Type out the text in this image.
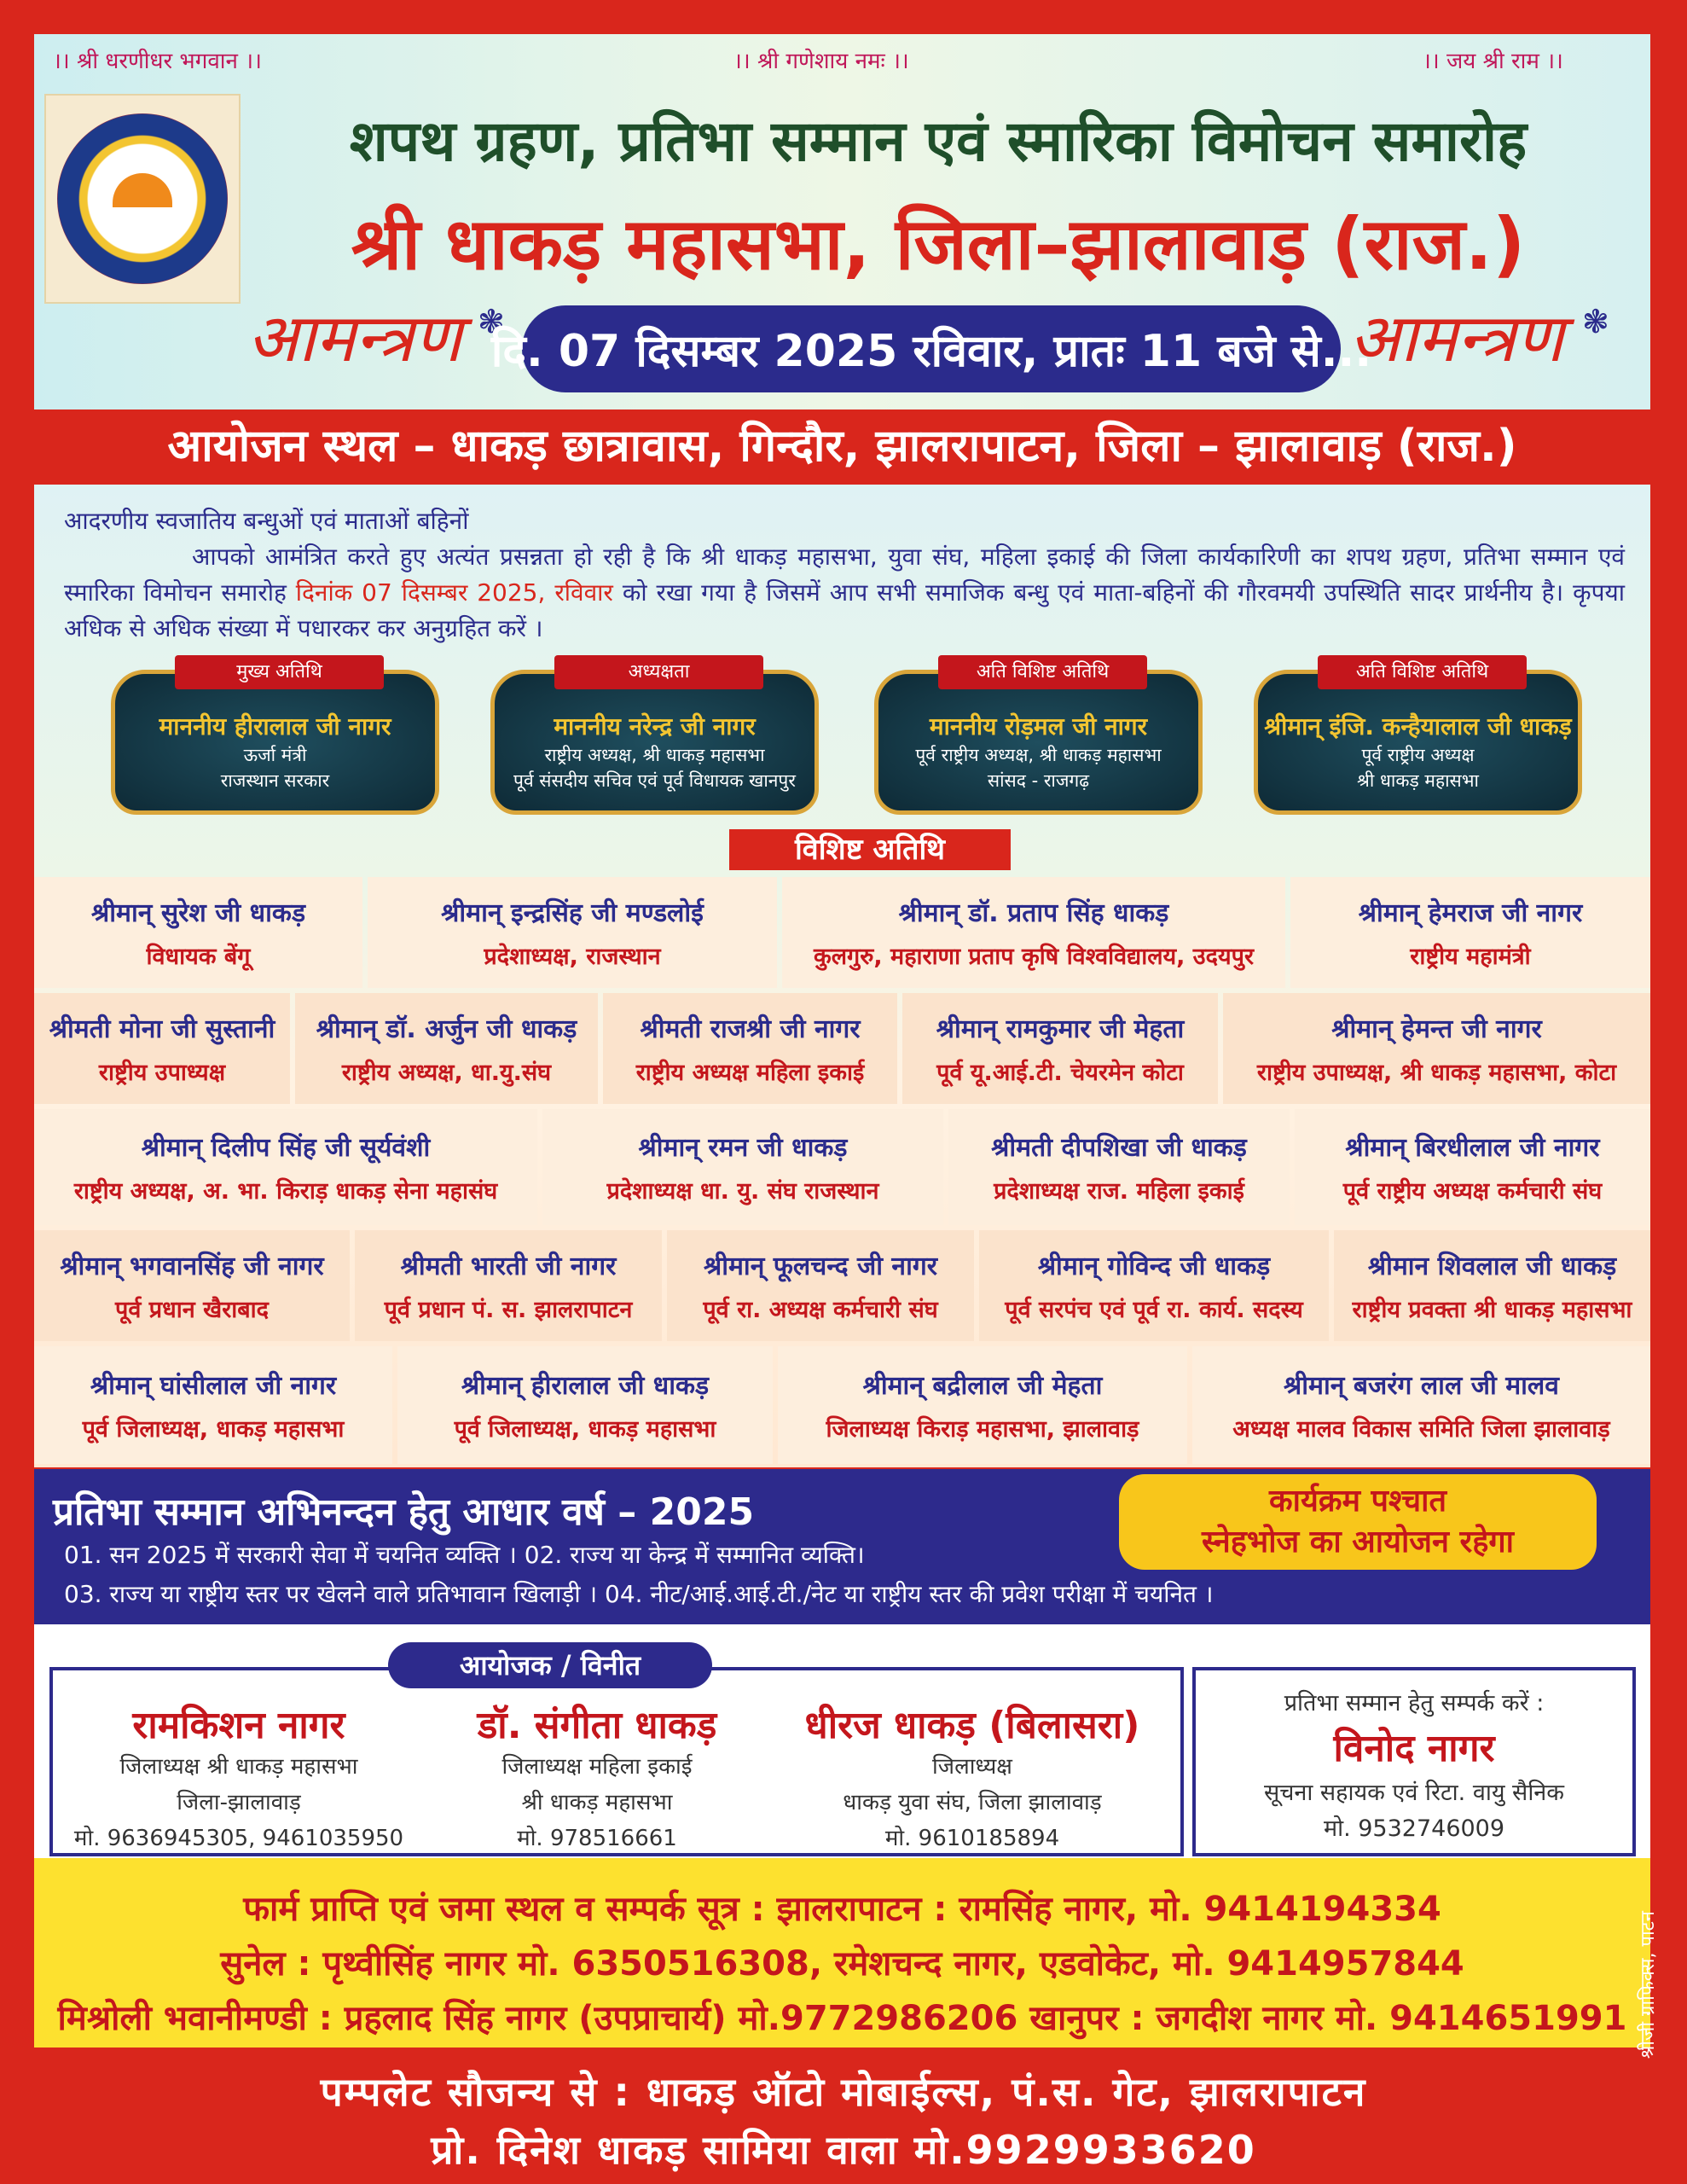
।। श्री धरणीधर भगवान ।।	।। श्री गणेशाय नमः ।।	।। जय श्री राम ।।
शपथ ग्रहण, प्रतिभा सम्मान एवं स्मारिका विमोचन समारोह
श्री धाकड़ महासभा, जिला–झालावाड़ (राज.)
आमन्त्रण ❃
दि. 07 दिसम्बर 2025 रविवार, प्रातः 11 बजे से...
आमन्त्रण ❃
आयोजन स्थल – धाकड़ छात्रावास, गिन्दौर, झालरापाटन, जिला – झालावाड़ (राज.)
आदरणीय स्वजातिय बन्धुओं एवं माताओं बहिनों
आपको आमंत्रित करते हुए अत्यंत प्रसन्नता हो रही है कि श्री धाकड़ महासभा, युवा संघ, महिला इकाई की जिला कार्यकारिणी का शपथ ग्रहण, प्रतिभा सम्मान एवं स्मारिका विमोचन समारोह दिनांक 07 दिसम्बर 2025, रविवार को रखा गया है जिसमें आप सभी समाजिक बन्धु एवं माता-बहिनों की गौरवमयी उपस्थिति सादर प्रार्थनीय है। कृपया अधिक से अधिक संख्या में पधारकर कर अनुग्रहित करें ।
मुख्य अतिथि
माननीय हीरालाल जी नागर
ऊर्जा मंत्री
राजस्थान सरकार
अध्यक्षता
माननीय नरेन्द्र जी नागर
राष्ट्रीय अध्यक्ष, श्री धाकड़ महासभा
पूर्व संसदीय सचिव एवं पूर्व विधायक खानपुर
अति विशिष्ट अतिथि
माननीय रोड़मल जी नागर
पूर्व राष्ट्रीय अध्यक्ष, श्री धाकड़ महासभा
सांसद - राजगढ़
अति विशिष्ट अतिथि
श्रीमान् इंजि. कन्हैयालाल जी धाकड़
पूर्व राष्ट्रीय अध्यक्ष
श्री धाकड़ महासभा
विशिष्ट अतिथि
श्रीमान् सुरेश जी धाकड़
विधायक बेंगू
श्रीमान् इन्द्रसिंह जी मण्डलोई
प्रदेशाध्यक्ष, राजस्थान
श्रीमान् डॉ. प्रताप सिंह धाकड़
कुलगुरु, महाराणा प्रताप कृषि विश्वविद्यालय, उदयपुर
श्रीमान् हेमराज जी नागर
राष्ट्रीय महामंत्री
श्रीमती मोना जी सुस्तानी
राष्ट्रीय उपाध्यक्ष
श्रीमान् डॉ. अर्जुन जी धाकड़
राष्ट्रीय अध्यक्ष, धा.यु.संघ
श्रीमती राजश्री जी नागर
राष्ट्रीय अध्यक्ष महिला इकाई
श्रीमान् रामकुमार जी मेहता
पूर्व यू.आई.टी. चेयरमेन कोटा
श्रीमान् हेमन्त जी नागर
राष्ट्रीय उपाध्यक्ष, श्री धाकड़ महासभा, कोटा
श्रीमान् दिलीप सिंह जी सूर्यवंशी
राष्ट्रीय अध्यक्ष, अ. भा. किराड़ धाकड़ सेना महासंघ
श्रीमान् रमन जी धाकड़
प्रदेशाध्यक्ष धा. यु. संघ राजस्थान
श्रीमती दीपशिखा जी धाकड़
प्रदेशाध्यक्ष राज. महिला इकाई
श्रीमान् बिरधीलाल जी नागर
पूर्व राष्ट्रीय अध्यक्ष कर्मचारी संघ
श्रीमान् भगवानसिंह जी नागर
पूर्व प्रधान खैराबाद
श्रीमती भारती जी नागर
पूर्व प्रधान पं. स. झालरापाटन
श्रीमान् फूलचन्द जी नागर
पूर्व रा. अध्यक्ष कर्मचारी संघ
श्रीमान् गोविन्द जी धाकड़
पूर्व सरपंच एवं पूर्व रा. कार्य. सदस्य
श्रीमान शिवलाल जी धाकड़
राष्ट्रीय प्रवक्ता श्री धाकड़ महासभा
श्रीमान् घांसीलाल जी नागर
पूर्व जिलाध्यक्ष, धाकड़ महासभा
श्रीमान् हीरालाल जी धाकड़
पूर्व जिलाध्यक्ष, धाकड़ महासभा
श्रीमान् बद्रीलाल जी मेहता
जिलाध्यक्ष किराड़ महासभा, झालावाड़
श्रीमान् बजरंग लाल जी मालव
अध्यक्ष मालव विकास समिति जिला झालावाड़
प्रतिभा सम्मान अभिनन्दन हेतु आधार वर्ष – 2025
01. सन 2025 में सरकारी सेवा में चयनित व्यक्ति । 02. राज्य या केन्द्र में सम्मानित व्यक्ति।
03. राज्य या राष्ट्रीय स्तर पर खेलने वाले प्रतिभावान खिलाड़ी । 04. नीट/आई.आई.टी./नेट या राष्ट्रीय स्तर की प्रवेश परीक्षा में चयनित ।
कार्यक्रम पश्चात
स्नेहभोज का आयोजन रहेगा
आयोजक / विनीत
रामकिशन नागर
जिलाध्यक्ष श्री धाकड़ महासभा
जिला-झालावाड़
मो. 9636945305, 9461035950
डॉ. संगीता धाकड़
जिलाध्यक्ष महिला इकाई
श्री धाकड़ महासभा
मो. 978516661
धीरज धाकड़ (बिलासरा)
जिलाध्यक्ष
धाकड़ युवा संघ, जिला झालावाड़
मो. 9610185894
प्रतिभा सम्मान हेतु सम्पर्क करें :
विनोद नागर
सूचना सहायक एवं रिटा. वायु सैनिक
मो. 9532746009
फार्म प्राप्ति एवं जमा स्थल व सम्पर्क सूत्र : झालरापाटन : रामसिंह नागर, मो. 9414194334
सुनेल : पृथ्वीसिंह नागर मो. 6350516308, रमेशचन्द नागर, एडवोकेट, मो. 9414957844
मिश्रोली भवानीमण्डी : प्रहलाद सिंह नागर (उपप्राचार्य) मो.9772986206 खानुपर : जगदीश नागर मो. 9414651991 श्रीजी ग्राफिक्स, पाटन
पम्पलेट सौजन्य से : धाकड़ ऑटो मोबाईल्स, पं.स. गेट, झालरापाटन
प्रो. दिनेश धाकड़ सामिया वाला मो.9929933620
